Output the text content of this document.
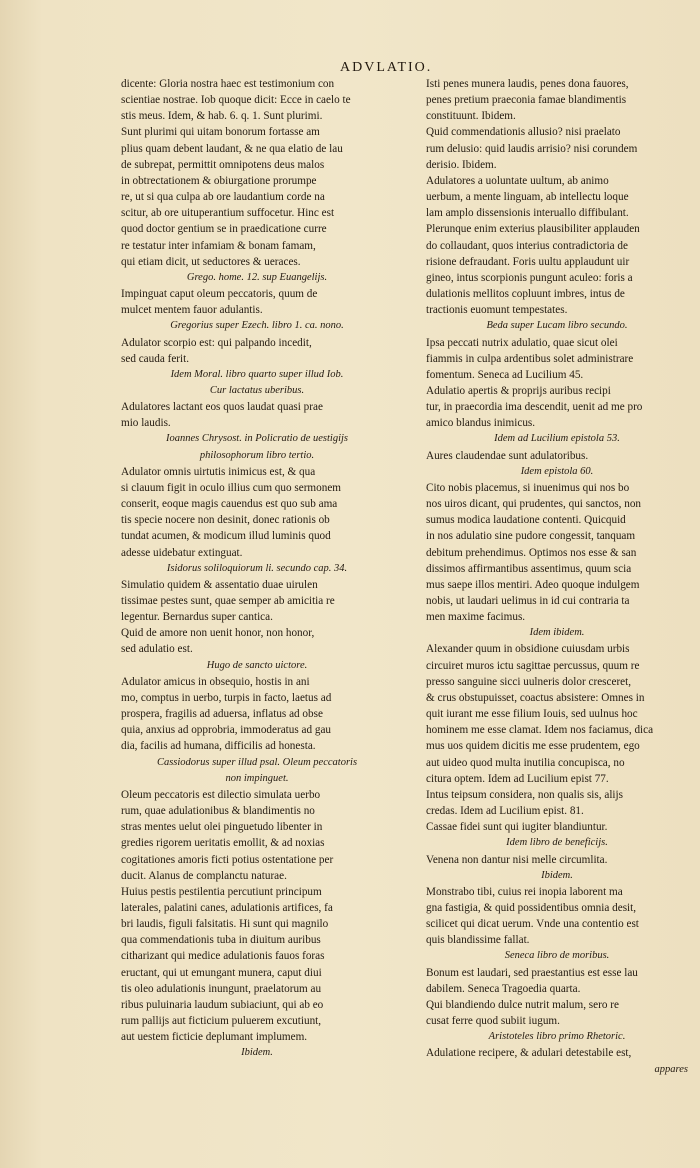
ADVLATIO.

dicente: Gloria nostra haec est testimonium con
scientiae nostrae. Iob quoque dicit: Ecce in caelo te
stis meus. Idem, & hab. 6. q. 1. Sunt plurimi.

Sunt plurimi qui uitam bonorum fortasse am
plius quam debent laudant, & ne qua elatio de lau
de subrepat, permittit omnipotens deus malos
in obtrectationem & obiurgatione prorumpe
re, ut si qua culpa ab ore laudantium corde na
scitur, ab ore uituperantium suffocetur. Hinc est
quod doctor gentium se in praedicatione curre
re testatur inter infamiam & bonam famam,
qui etiam dicit, ut seductores & ueraces.

Grego. home. 12. sup Euangelijs.

Impinguat caput oleum peccatoris, quum de
mulcet mentem fauor adulantis.

Gregorius super Ezech. libro 1. ca. nono.

Adulator scorpio est: qui palpando incedit,
sed cauda ferit.

Idem Moral. libro quarto super illud Iob.
Cur lactatus uberibus.

Adulatores lactant eos quos laudat quasi prae
mio laudis.

Ioannes Chrysost. in Policratio de uestigijs
philosophorum libro tertio.

Adulator omnis uirtutis inimicus est, & qua
si clauum figit in oculo illius cum quo sermonem
conserit, eoque magis cauendus est quo sub ama
tis specie nocere non desinit, donec rationis ob
tundat acumen, & modicum illud luminis quod
adesse uidebatur extinguat.

Isidorus soliloquiorum li. secundo cap. 34.

Simulatio quidem & assentatio duae uirulen
tissimae pestes sunt, quae semper ab amicitia re
legentur. Bernardus super cantica.

Quid de amore non uenit honor, non honor,
sed adulatio est.

Hugo de sancto uictore.

Adulator amicus in obsequio, hostis in ani
mo, comptus in uerbo, turpis in facto, laetus ad
prospera, fragilis ad aduersa, inflatus ad obse
quia, anxius ad opprobria, immoderatus ad gau
dia, facilis ad humana, difficilis ad honesta.

Cassiodorus super illud psal. Oleum peccatoris
non impinguet.

Oleum peccatoris est dilectio simulata uerbo
rum, quae adulationibus & blandimentis no
stras mentes uelut olei pinguetudo libenter in
gredies rigorem ueritatis emollit, & ad noxias
cogitationes amoris ficti potius ostentatione per
ducit. Alanus de complanctu naturae.

Huius pestis pestilentia percutiunt principum
laterales, palatini canes, adulationis artifices, fa
bri laudis, figuli falsitatis. Hi sunt qui magnilo
qua commendationis tuba in diuitum auribus
citharizant qui medice adulationis fauos foras
eructant, qui ut emungant munera, caput diui
tis oleo adulationis inungunt, praelatorum au
ribus puluinaria laudum subiaciunt, qui ab eo
rum pallijs aut ficticium puluerem excutiunt,
aut uestem ficticie deplumant implumem.

Ibidem.

Isti penes munera laudis, penes dona fauores,
penes pretium praeconia famae blandimentis
constituunt. Ibidem.

Quid commendationis allusio? nisi praelato
rum delusio: quid laudis arrisio? nisi corundem
derisio. Ibidem.

Adulatores a uoluntate uultum, ab animo
uerbum, a mente linguam, ab intellectu loque
lam amplo dissensionis interuallo diffibulant.
Plerunque enim exterius plausibiliter applauden
do collaudant, quos interius contradictoria de
risione defraudant. Foris uultu applaudunt uir
gineo, intus scorpionis pungunt aculeo: foris a
dulationis mellitos copluunt imbres, intus de
tractionis euomunt tempestates.

Beda super Lucam libro secundo.

Ipsa peccati nutrix adulatio, quae sicut olei
fiammis in culpa ardentibus solet administrare
fomentum. Seneca ad Lucilium 45.

Adulatio apertis & proprijs auribus recipi
tur, in praecordia ima descendit, uenit ad me pro
amico blandus inimicus.

Idem ad Lucilium epistola 53.

Aures claudendae sunt adulatoribus.

Idem epistola 60.

Cito nobis placemus, si inuenimus qui nos bo
nos uiros dicant, qui prudentes, qui sanctos, non
sumus modica laudatione contenti. Quicquid
in nos adulatio sine pudore congessit, tanquam
debitum prehendimus. Optimos nos esse & san
dissimos affirmantibus assentimus, quum scia
mus saepe illos mentiri. Adeo quoque indulgem
nobis, ut laudari uelimus in id cui contraria ta
men maxime facimus.

Idem ibidem.

Alexander quum in obsidione cuiusdam urbis
circuiret muros ictu sagittae percussus, quum re
presso sanguine sicci uulneris dolor cresceret,
& crus obstupuisset, coactus absistere: Omnes in
quit iurant me esse filium Iouis, sed uulnus hoc
hominem me esse clamat. Idem nos faciamus, dica
mus uos quidem dicitis me esse prudentem, ego
aut uideo quod multa inutilia concupisca, no
citura optem. Idem ad Lucilium epist 77.

Intus teipsum considera, non qualis sis, alijs
credas. Idem ad Lucilium epist. 81.

Cassae fidei sunt qui iugiter blandiuntur.

Idem libro de beneficijs.

Venena non dantur nisi melle circumlita.

Ibidem.

Monstrabo tibi, cuius rei inopia laborent ma
gna fastigia, & quid possidentibus omnia desit,
scilicet qui dicat uerum. Vnde una contentio est
quis blandissime fallat.

Seneca libro de moribus.

Bonum est laudari, sed praestantius est esse lau
dabilem. Seneca Tragoedia quarta.

Qui blandiendo dulce nutrit malum, sero re
cusat ferre quod subiit iugum.

Aristoteles libro primo Rhetoric.

Adulatione recipere, & adulari detestabile est,

appares
